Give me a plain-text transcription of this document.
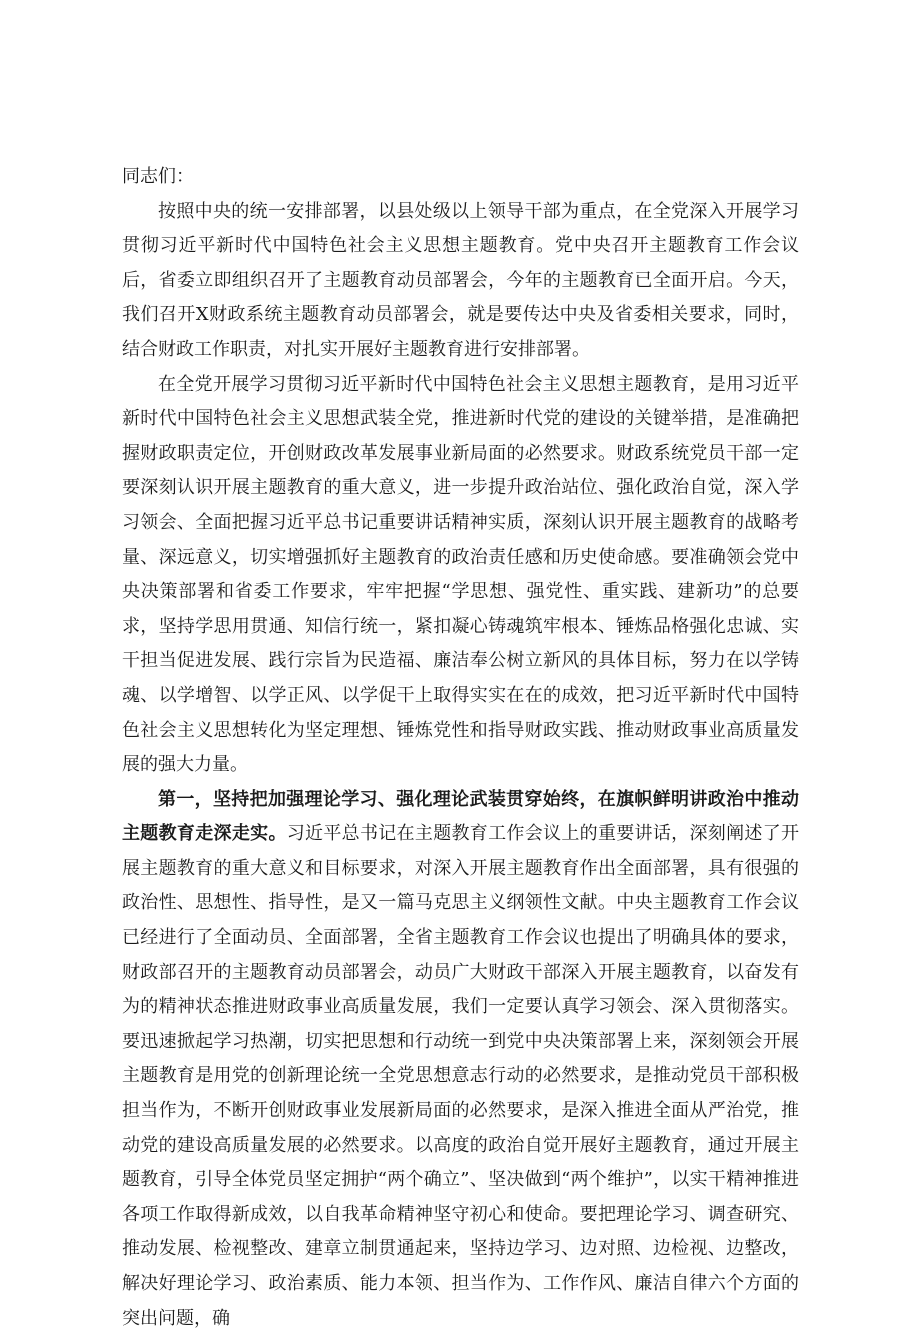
同志们：

按照中央的统一安排部署，以县处级以上领导干部为重点，在全党深入开展学习贯彻习近平新时代中国特色社会主义思想主题教育。党中央召开主题教育工作会议后，省委立即组织召开了主题教育动员部署会，今年的主题教育已全面开启。今天，我们召开X财政系统主题教育动员部署会，就是要传达中央及省委相关要求，同时，结合财政工作职责，对扎实开展好主题教育进行安排部署。

在全党开展学习贯彻习近平新时代中国特色社会主义思想主题教育，是用习近平新时代中国特色社会主义思想武装全党，推进新时代党的建设的关键举措，是准确把握财政职责定位，开创财政改革发展事业新局面的必然要求。财政系统党员干部一定要深刻认识开展主题教育的重大意义，进一步提升政治站位、强化政治自觉，深入学习领会、全面把握习近平总书记重要讲话精神实质，深刻认识开展主题教育的战略考量、深远意义，切实增强抓好主题教育的政治责任感和历史使命感。要准确领会党中央决策部署和省委工作要求，牢牢把握“学思想、强党性、重实践、建新功”的总要求，坚持学思用贯通、知信行统一，紧扣凝心铸魂筑牢根本、锤炼品格强化忠诚、实干担当促进发展、践行宗旨为民造福、廉洁奉公树立新风的具体目标，努力在以学铸魂、以学增智、以学正风、以学促干上取得实实在在的成效，把习近平新时代中国特色社会主义思想转化为坚定理想、锤炼党性和指导财政实践、推动财政事业高质量发展的强大力量。

第一，坚持把加强理论学习、强化理论武装贯穿始终，在旗帜鲜明讲政治中推动主题教育走深走实。习近平总书记在主题教育工作会议上的重要讲话，深刻阐述了开展主题教育的重大意义和目标要求，对深入开展主题教育作出全面部署，具有很强的政治性、思想性、指导性，是又一篇马克思主义纲领性文献。中央主题教育工作会议已经进行了全面动员、全面部署，全省主题教育工作会议也提出了明确具体的要求，财政部召开的主题教育动员部署会，动员广大财政干部深入开展主题教育，以奋发有为的精神状态推进财政事业高质量发展，我们一定要认真学习领会、深入贯彻落实。要迅速掀起学习热潮，切实把思想和行动统一到党中央决策部署上来，深刻领会开展主题教育是用党的创新理论统一全党思想意志行动的必然要求，是推动党员干部积极担当作为，不断开创财政事业发展新局面的必然要求，是深入推进全面从严治党，推动党的建设高质量发展的必然要求。以高度的政治自觉开展好主题教育，通过开展主题教育，引导全体党员坚定拥护“两个确立”、坚决做到“两个维护”，以实干精神推进各项工作取得新成效，以自我革命精神坚守初心和使命。要把理论学习、调查研究、推动发展、检视整改、建章立制贯通起来，坚持边学习、边对照、边检视、边整改，解决好理论学习、政治素质、能力本领、担当作为、工作作风、廉洁自律六个方面的突出问题，确
